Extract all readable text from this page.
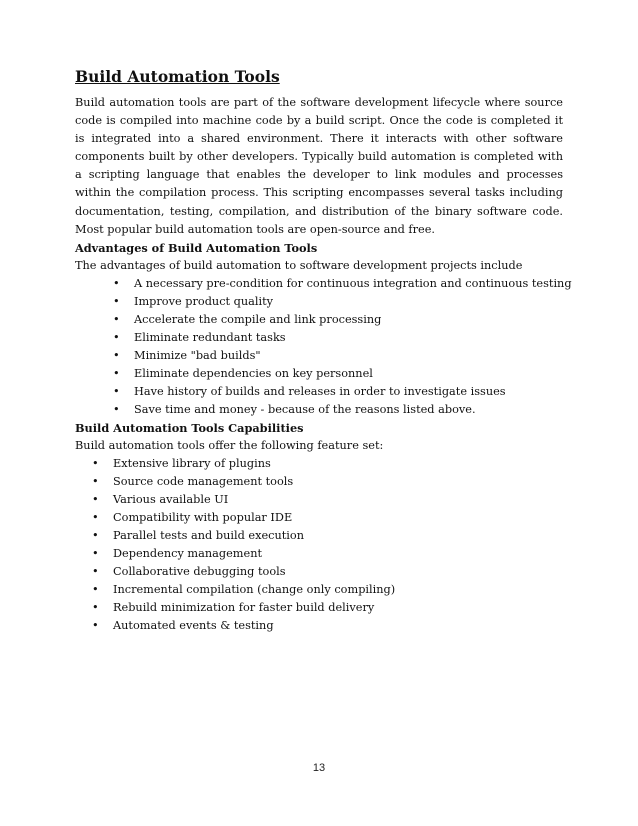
Build Automation Tools

Build automation tools are part of the software development lifecycle where source code is compiled into machine code by a build script. Once the code is completed it is integrated into a shared environment. There it interacts with other software components built by other developers. Typically build automation is completed with a scripting language that enables the developer to link modules and processes within the compilation process. This scripting encompasses several tasks including documentation, testing, compilation, and distribution of the binary software code. Most popular build automation tools are open-source and free.

Advantages of Build Automation Tools

The advantages of build automation to software development projects include

• A necessary pre-condition for continuous integration and continuous testing
• Improve product quality
• Accelerate the compile and link processing
• Eliminate redundant tasks
• Minimize "bad builds"
• Eliminate dependencies on key personnel
• Have history of builds and releases in order to investigate issues
• Save time and money - because of the reasons listed above.
Build Automation Tools Capabilities

Build automation tools offer the following feature set:

• Extensive library of plugins
• Source code management tools
• Various available UI
• Compatibility with popular IDE
• Parallel tests and build execution
• Dependency management
• Collaborative debugging tools
• Incremental compilation (change only compiling)
• Rebuild minimization for faster build delivery
• Automated events & testing
13
